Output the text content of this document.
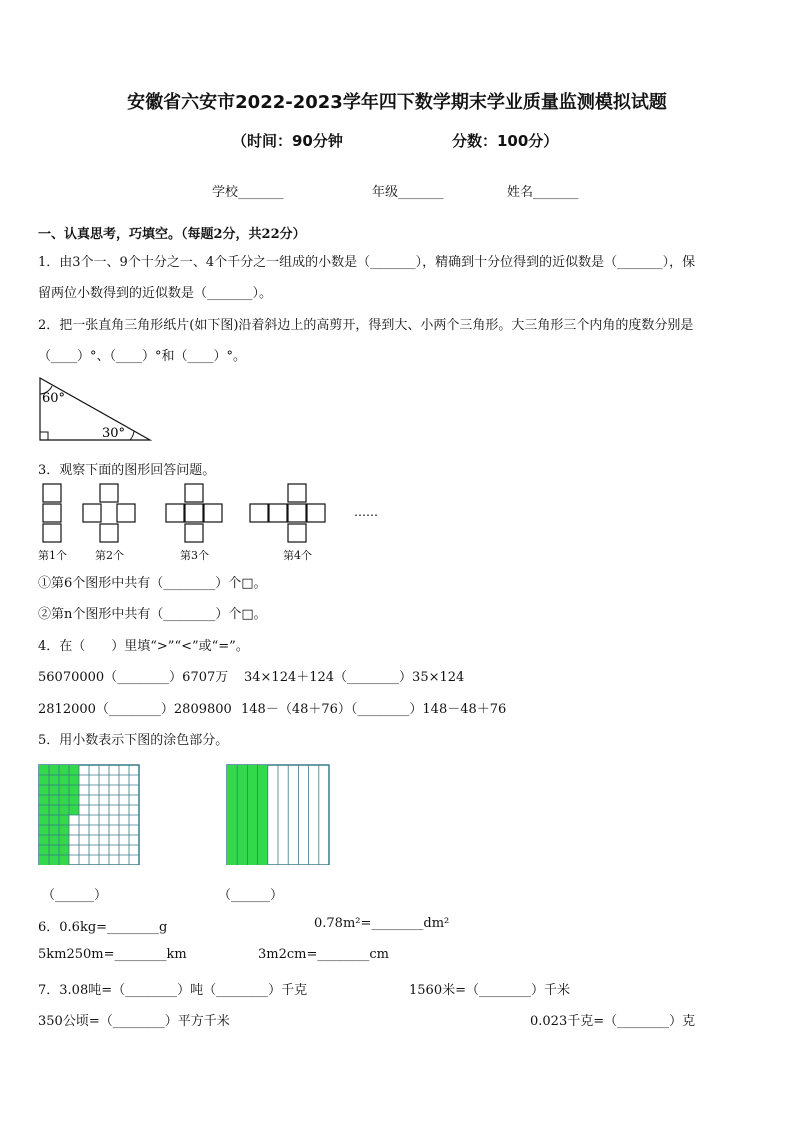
安徽省六安市2022-2023学年四下数学期末学业质量监测模拟试题
（时间：90分钟	分数：100分）
学校_______	年级_______	姓名_______
一、认真思考，巧填空。（每题2分，共22分）
1．由3个一、9个十分之一、4个千分之一组成的小数是（_______），精确到十分位得到的近似数是（_______），保
留两位小数得到的近似数是（_______）。
2．把一张直角三角形纸片(如下图)沿着斜边上的高剪开，得到大、小两个三角形。大三角形三个内角的度数分别是
（____）°、（____）°和（____）°。
60°
30°
3．观察下面的图形回答问题。
……
第1个	第2个	第3个	第4个
①第6个图形中共有（________）个□。
②第n个图形中共有（________）个□。
4．在（　　）里填“>”“<”或“=”。
56070000（________）6707万 34×124＋124（________）35×124
2812000（________）2809800 148－（48＋76）（________）148－48＋76
5．用小数表示下图的涂色部分。
（______）	（______）
6．0.6kg=________g	0.78m²=________dm²
5km250m=________km	3m2cm=________cm
7．3.08吨=（________）吨（________）千克	1560米=（________）千米
350公顷=（________）平方千米	0.023千克=（________）克
